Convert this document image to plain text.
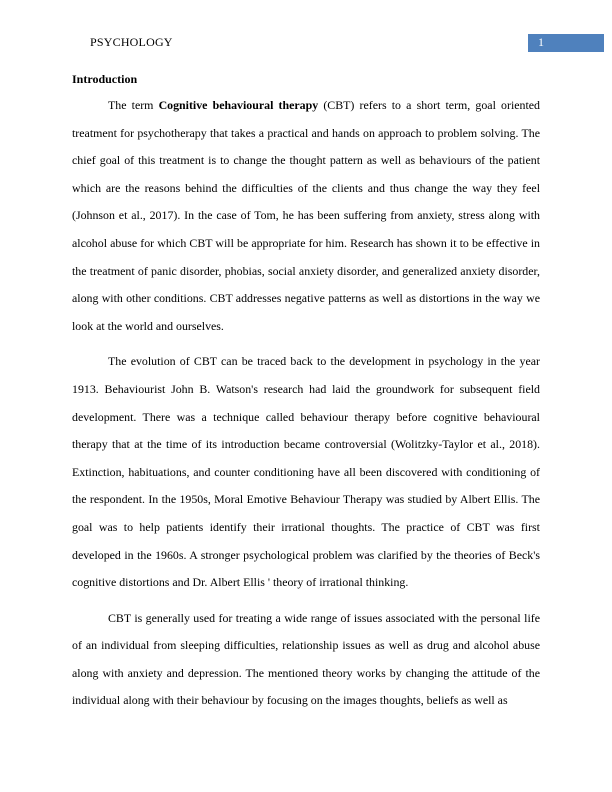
PSYCHOLOGY	1
Introduction

The term Cognitive behavioural therapy (CBT) refers to a short term, goal oriented treatment for psychotherapy that takes a practical and hands on approach to problem solving. The chief goal of this treatment is to change the thought pattern as well as behaviours of the patient which are the reasons behind the difficulties of the clients and thus change the way they feel (Johnson et al., 2017). In the case of Tom, he has been suffering from anxiety, stress along with alcohol abuse for which CBT will be appropriate for him. Research has shown it to be effective in the treatment of panic disorder, phobias, social anxiety disorder, and generalized anxiety disorder, along with other conditions. CBT addresses negative patterns as well as distortions in the way we look at the world and ourselves.

The evolution of CBT can be traced back to the development in psychology in the year 1913. Behaviourist John B. Watson's research had laid the groundwork for subsequent field development. There was a technique called behaviour therapy before cognitive behavioural therapy that at the time of its introduction became controversial (Wolitzky-Taylor et al., 2018). Extinction, habituations, and counter conditioning have all been discovered with conditioning of the respondent. In the 1950s, Moral Emotive Behaviour Therapy was studied by Albert Ellis. The goal was to help patients identify their irrational thoughts. The practice of CBT was first developed in the 1960s. A stronger psychological problem was clarified by the theories of Beck's cognitive distortions and Dr. Albert Ellis ' theory of irrational thinking.

CBT is generally used for treating a wide range of issues associated with the personal life of an individual from sleeping difficulties, relationship issues as well as drug and alcohol abuse along with anxiety and depression. The mentioned theory works by changing the attitude of the individual along with their behaviour by focusing on the images thoughts, beliefs as well as
